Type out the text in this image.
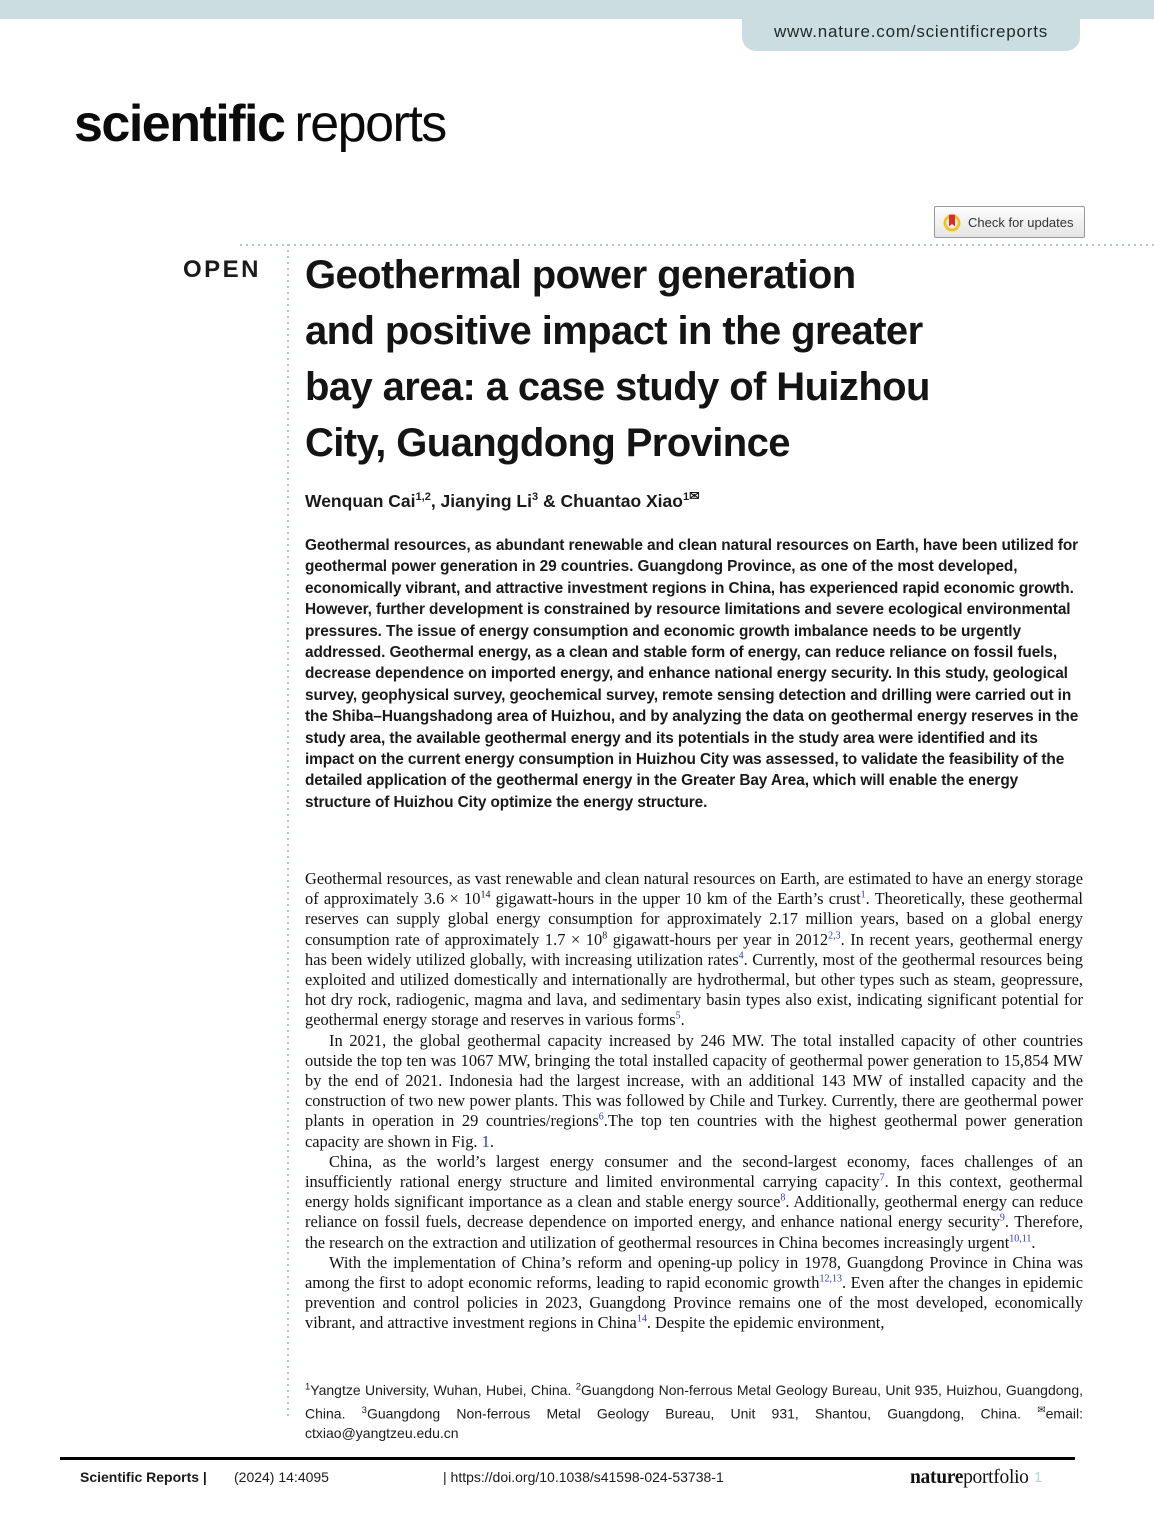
www.nature.com/scientificreports
scientific reports
Check for updates
OPEN Geothermal power generation
and positive impact in the greater
bay area: a case study of Huizhou
City, Guangdong Province
Wenquan Cai$^{1,2}$, Jianying Li$^3$ & Chuantao Xiao$^{1✉}$
Geothermal resources, as abundant renewable and clean natural resources on Earth, have been utilized for geothermal power generation in 29 countries. Guangdong Province, as one of the most developed, economically vibrant, and attractive investment regions in China, has experienced rapid economic growth. However, further development is constrained by resource limitations and severe ecological environmental pressures. The issue of energy consumption and economic growth imbalance needs to be urgently addressed. Geothermal energy, as a clean and stable form of energy, can reduce reliance on fossil fuels, decrease dependence on imported energy, and enhance national energy security. In this study, geological survey, geophysical survey, geochemical survey, remote sensing detection and drilling were carried out in the Shiba–Huangshadong area of Huizhou, and by analyzing the data on geothermal energy reserves in the study area, the available geothermal energy and its potentials in the study area were identified and its impact on the current energy consumption in Huizhou City was assessed, to validate the feasibility of the detailed application of the geothermal energy in the Greater Bay Area, which will enable the energy structure of Huizhou City optimize the energy structure.

Geothermal resources, as vast renewable and clean natural resources on Earth, are estimated to have an energy storage of approximately $3.6 \times 10^{14}$ gigawatt-hours in the upper 10 km of the Earth’s crust$^1$. Theoretically, these geothermal reserves can supply global energy consumption for approximately 2.17 million years, based on a global energy consumption rate of approximately $1.7 \times 10^8$ gigawatt-hours per year in 2012$^{2,3}$. In recent years, geothermal energy has been widely utilized globally, with increasing utilization rates$^4$. Currently, most of the geothermal resources being exploited and utilized domestically and internationally are hydrothermal, but other types such as steam, geopressure, hot dry rock, radiogenic, magma and lava, and sedimentary basin types also exist, indicating significant potential for geothermal energy storage and reserves in various forms$^5$.

In 2021, the global geothermal capacity increased by 246 MW. The total installed capacity of other countries outside the top ten was 1067 MW, bringing the total installed capacity of geothermal power generation to 15,854 MW by the end of 2021. Indonesia had the largest increase, with an additional 143 MW of installed capacity and the construction of two new power plants. This was followed by Chile and Turkey. Currently, there are geothermal power plants in operation in 29 countries/regions$^6$.The top ten countries with the highest geothermal power generation capacity are shown in Fig. 1.

China, as the world’s largest energy consumer and the second-largest economy, faces challenges of an insufficiently rational energy structure and limited environmental carrying capacity$^7$. In this context, geothermal energy holds significant importance as a clean and stable energy source$^8$. Additionally, geothermal energy can reduce reliance on fossil fuels, decrease dependence on imported energy, and enhance national energy security$^9$. Therefore, the research on the extraction and utilization of geothermal resources in China becomes increasingly urgent$^{10,11}$.

With the implementation of China’s reform and opening-up policy in 1978, Guangdong Province in China was among the first to adopt economic reforms, leading to rapid economic growth$^{12,13}$. Even after the changes in epidemic prevention and control policies in 2023, Guangdong Province remains one of the most developed, economically vibrant, and attractive investment regions in China$^{14}$. Despite the epidemic environment,

$^1$Yangtze University, Wuhan, Hubei, China. $^2$Guangdong Non-ferrous Metal Geology Bureau, Unit 935, Huizhou, Guangdong, China. $^3$Guangdong Non-ferrous Metal Geology Bureau, Unit 931, Shantou, Guangdong, China. ✉email: ctxiao@yangtzeu.edu.cn
Scientific Reports | (2024) 14:4095	| https://doi.org/10.1038/s41598-024-53738-1	natureportfolio 1
